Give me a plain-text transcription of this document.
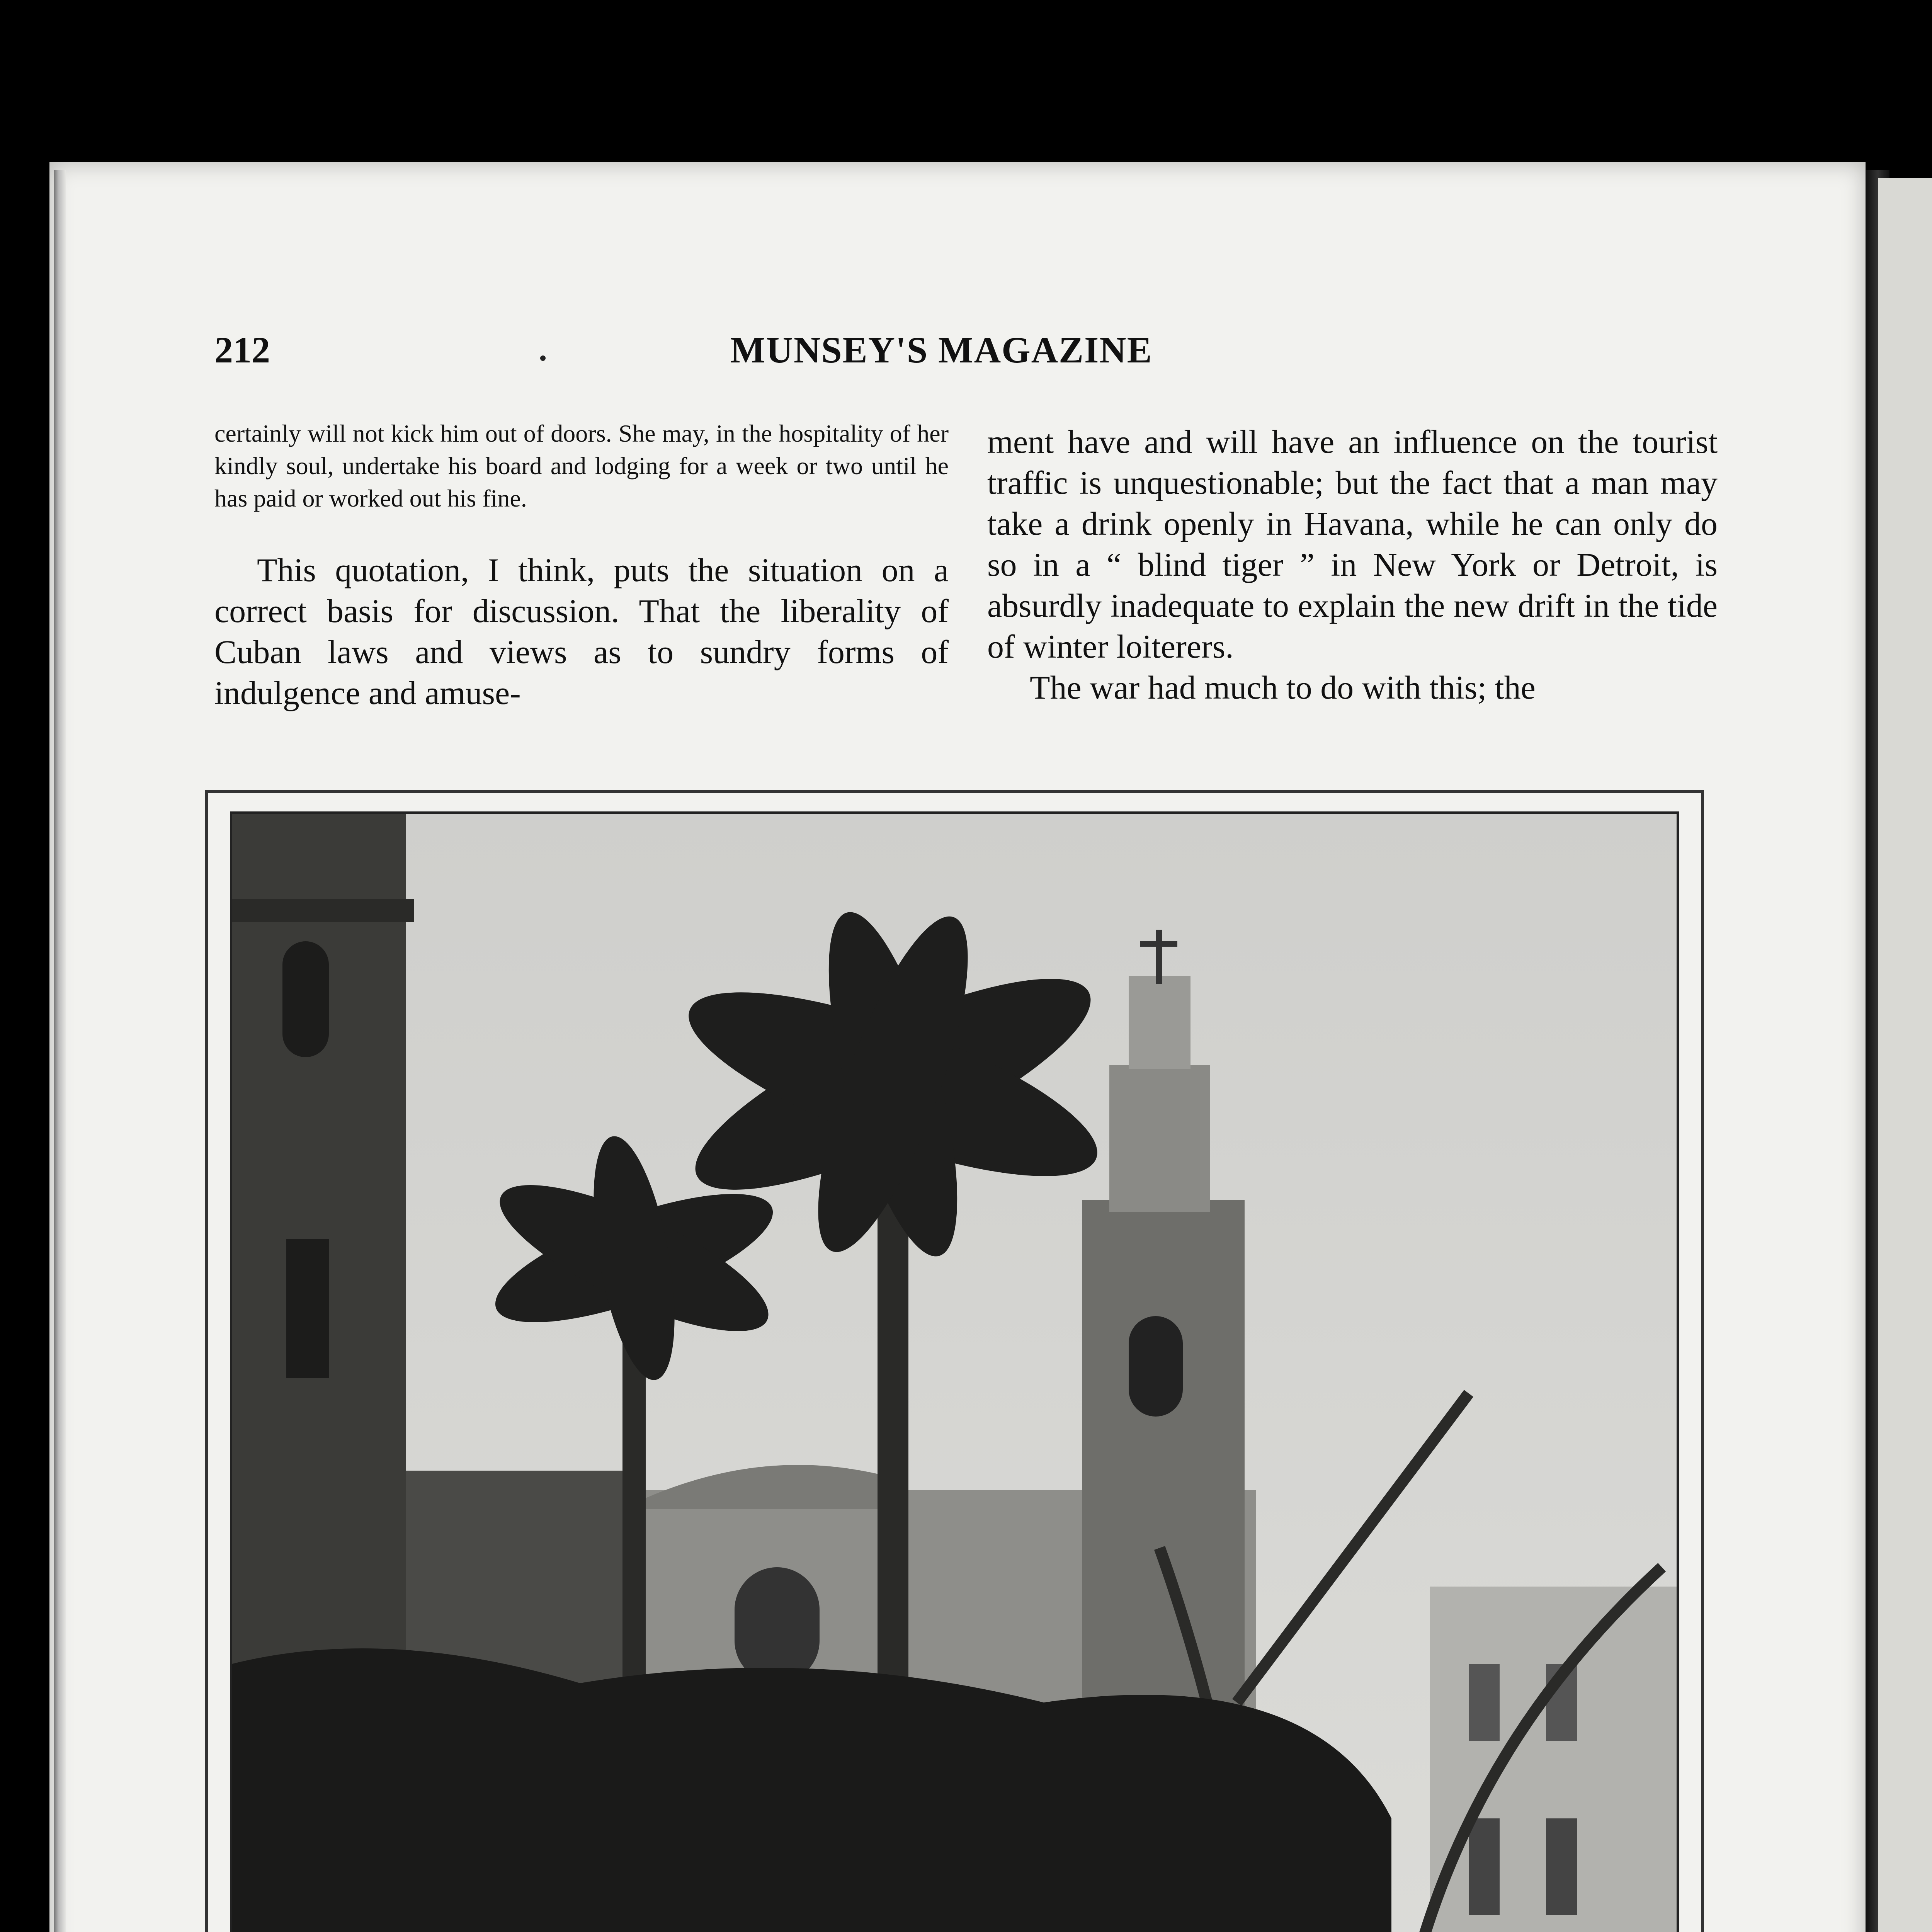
212	MUNSEY'S MAGAZINE

certainly will not kick him out of doors. She may, in the hospitality of her kindly soul, undertake his board and lodging for a week or two until he has paid or worked out his fine.

This quotation, I think, puts the situation on a correct basis for discussion. That the liberality of Cuban laws and views as to sundry forms of indulgence and amuse-

ment have and will have an influence on the tourist traffic is unquestionable; but the fact that a man may take a drink openly in Havana, while he can only do so in a “ blind tiger ” in New York or Detroit, is absurdly inadequate to explain the new drift in the tide of winter loiterers.

The war had much to do with this; the
